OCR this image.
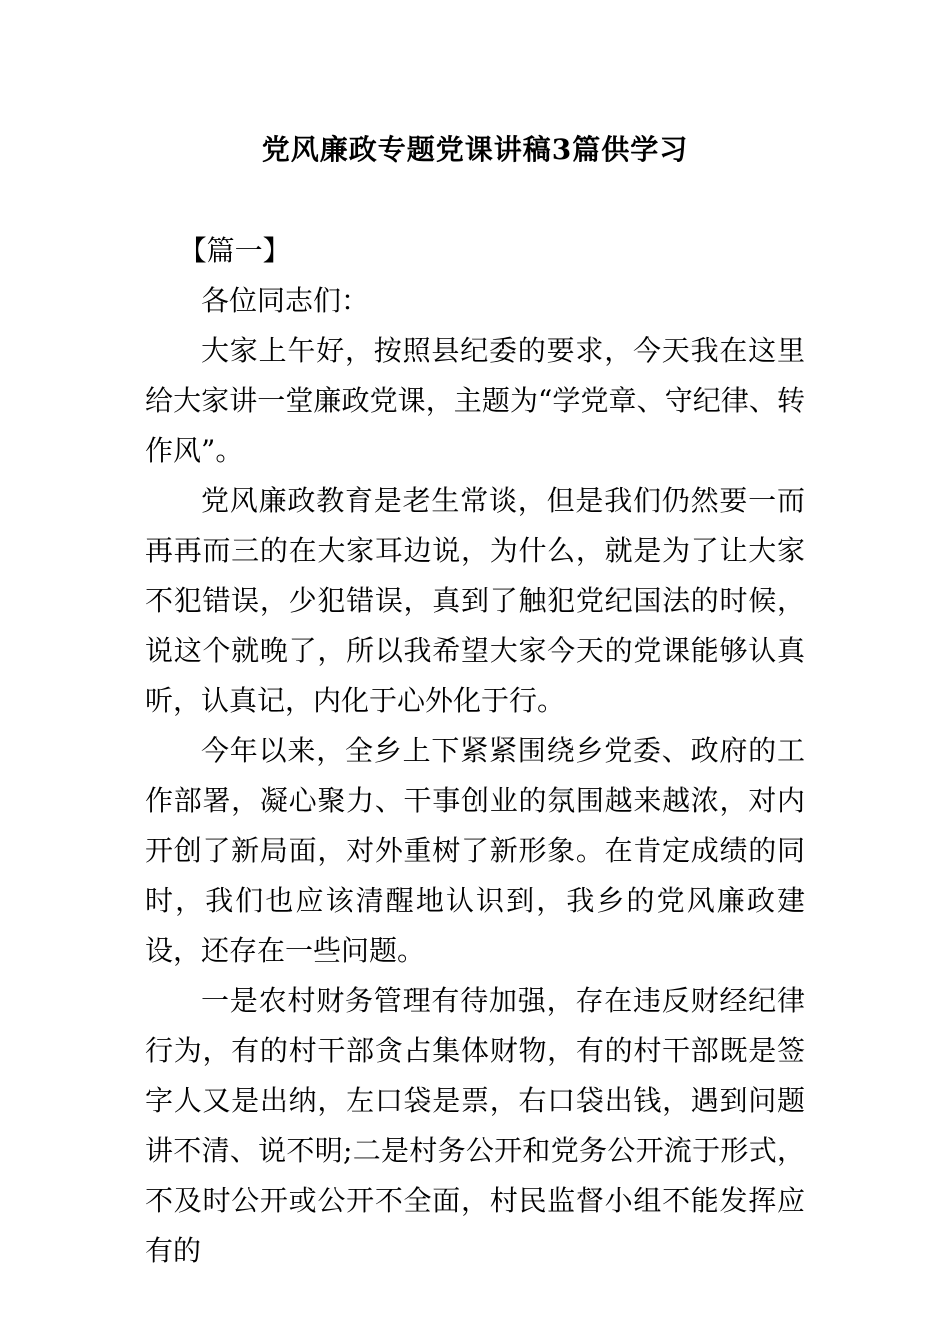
党风廉政专题党课讲稿3篇供学习

【篇一】

各位同志们：

大家上午好，按照县纪委的要求，今天我在这里给大家讲一堂廉政党课，主题为“学党章、守纪律、转作风”。

党风廉政教育是老生常谈，但是我们仍然要一而再再而三的在大家耳边说，为什么，就是为了让大家不犯错误，少犯错误，真到了触犯党纪国法的时候，说这个就晚了，所以我希望大家今天的党课能够认真听，认真记，内化于心外化于行。

今年以来，全乡上下紧紧围绕乡党委、政府的工作部署，凝心聚力、干事创业的氛围越来越浓，对内开创了新局面，对外重树了新形象。在肯定成绩的同时，我们也应该清醒地认识到，我乡的党风廉政建设，还存在一些问题。

一是农村财务管理有待加强，存在违反财经纪律行为，有的村干部贪占集体财物，有的村干部既是签字人又是出纳，左口袋是票，右口袋出钱，遇到问题讲不清、说不明;二是村务公开和党务公开流于形式，不及时公开或公开不全面，村民监督小组不能发挥应有的
